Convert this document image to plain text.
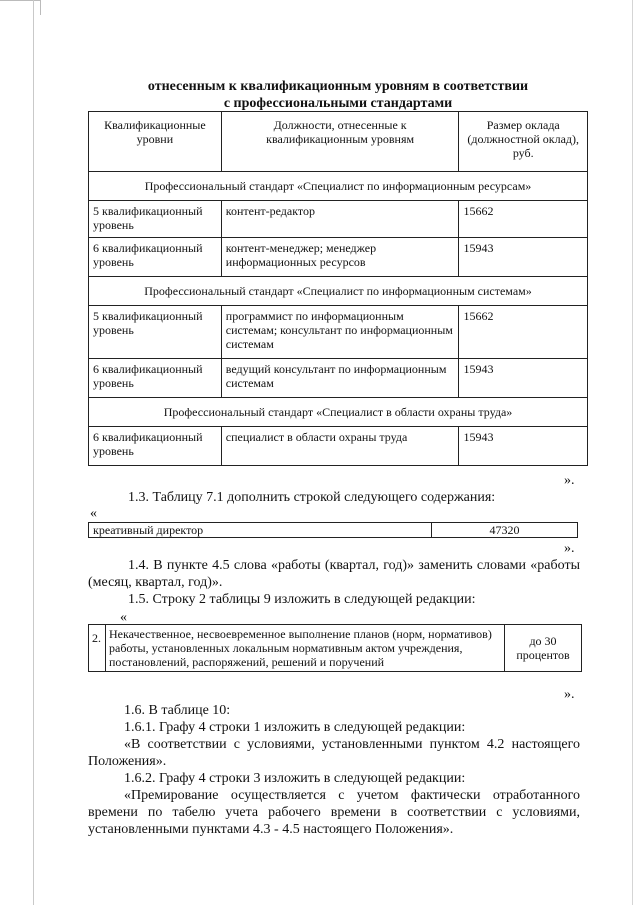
отнесенным к квалификационным уровням в соответствии
с профессиональными стандартами
Квалификационные уровни	Должности, отнесенные к квалификационным уровням	Размер оклада (должностной оклад), руб.
Профессиональный стандарт «Специалист по информационным ресурсам»		
5 квалификационный уровень	контент-редактор	15662
6 квалификационный уровень	контент-менеджер; менеджер информационных ресурсов	15943
Профессиональный стандарт «Специалист по информационным системам»		
5 квалификационный уровень	программист по информационным системам; консультант по информационным системам	15662
6 квалификационный уровень	ведущий консультант по информационным системам	15943
Профессиональный стандарт «Специалист в области охраны труда»		
6 квалификационный уровень	специалист в области охраны труда	15943
».
1.3. Таблицу 7.1 дополнить строкой следующего содержания:
«
креативный директор	47320
».
1.4. В пункте 4.5 слова «работы (квартал, год)» заменить словами «работы (месяц, квартал, год)».
1.5. Строку 2 таблицы 9 изложить в следующей редакции:
«
2.	Некачественное, несвоевременное выполнение планов (норм, нормативов) работы, установленных локальным нормативным актом учреждения, постановлений, распоряжений, решений и поручений	до 30 процентов
».
1.6. В таблице 10:
1.6.1. Графу 4 строки 1 изложить в следующей редакции:
«В соответствии с условиями, установленными пунктом 4.2 настоящего Положения».
1.6.2. Графу 4 строки 3 изложить в следующей редакции:
«Премирование осуществляется с учетом фактически отработанного времени по табелю учета рабочего времени в соответствии с условиями, установленными пунктами 4.3 - 4.5 настоящего Положения».
